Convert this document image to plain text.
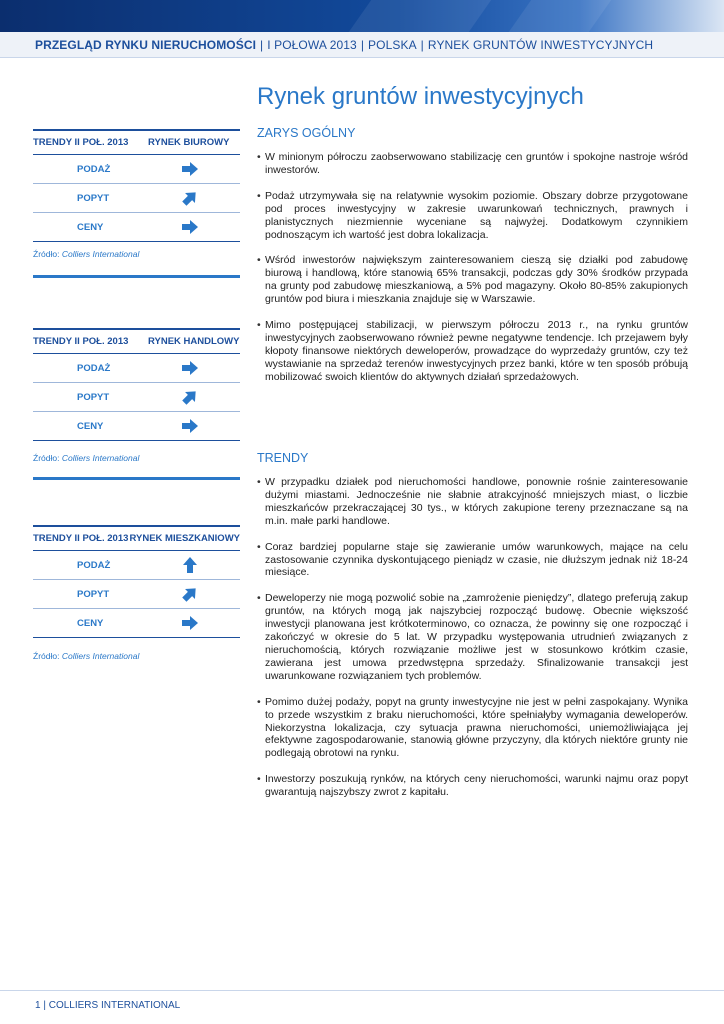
PRZEGLĄD RYNKU NIERUCHOMOŚCI | I POŁOWA 2013 | POLSKA | RYNEK GRUNTÓW INWESTYCYJNYCH
Rynek gruntów inwestycyjnych
ZARYS OGÓLNY
• W minionym półroczu zaobserwowano stabilizację cen gruntów i spokojne nastroje wśród inwestorów.
• Podaż utrzymywała się na relatywnie wysokim poziomie. Obszary dobrze przygotowane pod proces inwestycyjny w zakresie uwarunkowań technicznych, prawnych i planistycznych niezmiennie wyceniane są najwyżej. Dodatkowym czynnikiem podnoszącym ich wartość jest dobra lokalizacja.
• Wśród inwestorów największym zainteresowaniem cieszą się działki pod zabudowę biurową i handlową, które stanowią 65% transakcji, podczas gdy 30% środków przypada na grunty pod zabudowę mieszkaniową, a 5% pod magazyny. Około 80-85% zakupionych gruntów pod biura i mieszkania znajduje się w Warszawie.
• Mimo postępującej stabilizacji, w pierwszym półroczu 2013 r., na rynku gruntów inwestycyjnych zaobserwowano również pewne negatywne tendencje. Ich przejawem były kłopoty finansowe niektórych deweloperów, prowadzące do wyprzedaży gruntów, czy też wystawianie na sprzedaż terenów inwestycyjnych przez banki, które w ten sposób próbują mobilizować swoich klientów do aktywnych działań sprzedażowych.
TRENDY
• W przypadku działek pod nieruchomości handlowe, ponownie rośnie zainteresowanie dużymi miastami. Jednocześnie nie słabnie atrakcyjność mniejszych miast, o liczbie mieszkańców przekraczającej 30 tys., w których zakupione tereny przeznaczane są na m.in. małe parki handlowe.
• Coraz bardziej popularne staje się zawieranie umów warunkowych, mające na celu zastosowanie czynnika dyskontującego pieniądz w czasie, nie dłuższym jednak niż 18-24 miesiące.
• Deweloperzy nie mogą pozwolić sobie na „zamrożenie pieniędzy”, dlatego preferują zakup gruntów, na których mogą jak najszybciej rozpocząć budowę. Obecnie większość inwestycji planowana jest krótkoterminowo, co oznacza, że powinny się one rozpocząć i zakończyć w okresie do 5 lat. W przypadku występowania utrudnień związanych z nieruchomością, których rozwiązanie możliwe jest w stosunkowo krótkim czasie, zawierana jest umowa przedwstępna sprzedaży. Sfinalizowanie transakcji jest uwarunkowane rozwiązaniem tych problemów.
• Pomimo dużej podaży, popyt na grunty inwestycyjne nie jest w pełni zaspokajany. Wynika to przede wszystkim z braku nieruchomości, które spełniałyby wymagania deweloperów. Niekorzystna lokalizacja, czy sytuacja prawna nieruchomości, uniemożliwiająca jej efektywne zagospodarowanie, stanowią główne przyczyny, dla których niektóre grunty nie podlegają obrotowi na rynku.
• Inwestorzy poszukują rynków, na których ceny nieruchomości, warunki najmu oraz popyt gwarantują najszybszy zwrot z kapitału.
TRENDY II POŁ. 2013	RYNEK BIUROWY
PODAŻ
POPYT
CENY
Źródło: Colliers International
TRENDY II POŁ. 2013	RYNEK HANDLOWY
PODAŻ
POPYT
CENY
Źródło: Colliers International
TRENDY II POŁ. 2013 RYNEK MIESZKANIOWY
PODAŻ
POPYT
CENY
Źródło: Colliers International
1 | COLLIERS INTERNATIONAL
